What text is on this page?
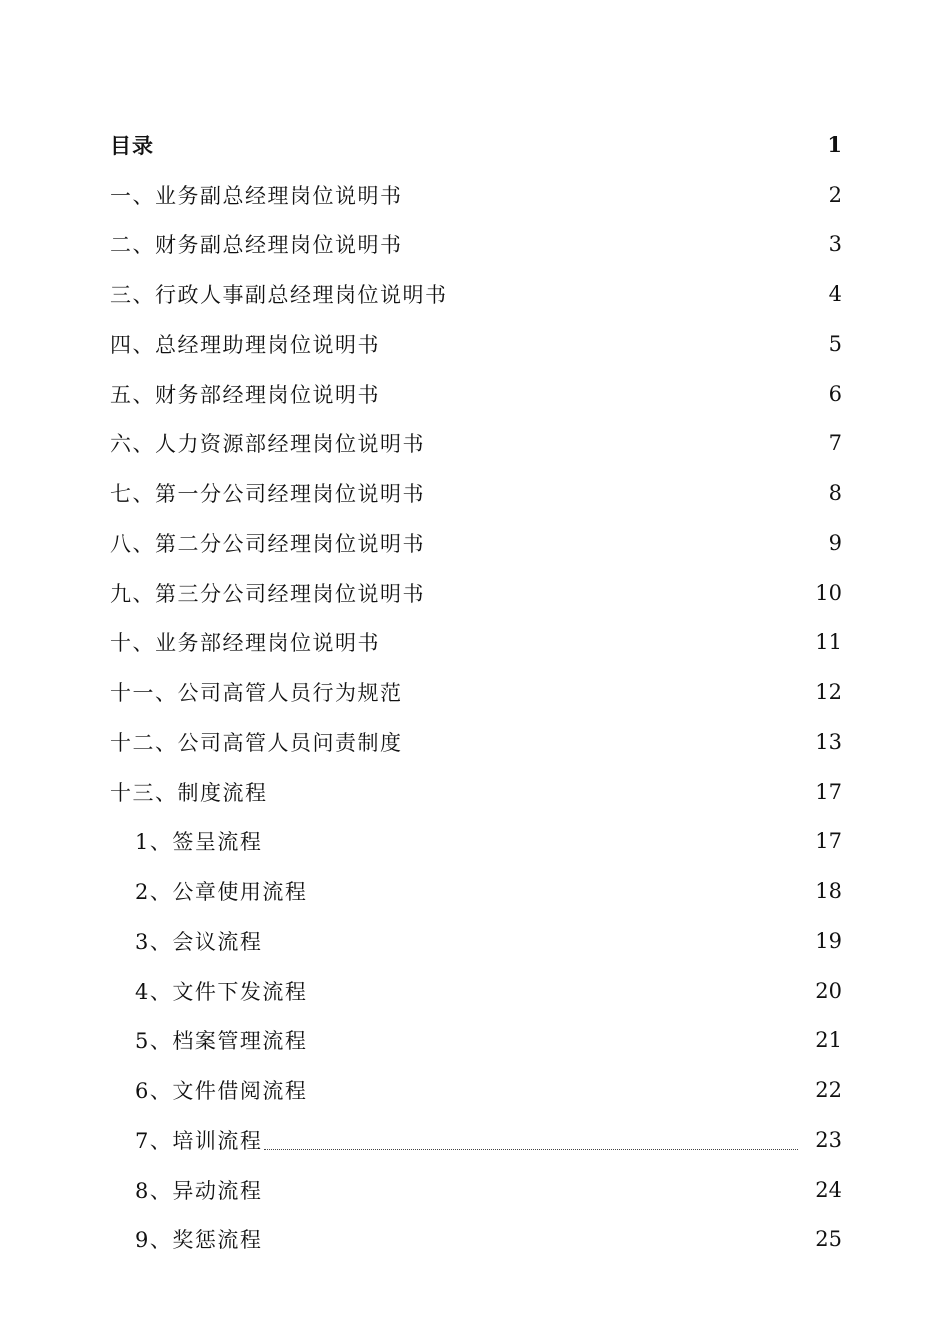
目录	1
一、业务副总经理岗位说明书	2
二、财务副总经理岗位说明书	3
三、行政人事副总经理岗位说明书	4
四、总经理助理岗位说明书	5
五、财务部经理岗位说明书	6
六、人力资源部经理岗位说明书	7
七、第一分公司经理岗位说明书	8
八、第二分公司经理岗位说明书	9
九、第三分公司经理岗位说明书	10
十、业务部经理岗位说明书	11
十一、公司高管人员行为规范	12
十二、公司高管人员问责制度	13
十三、制度流程	17
1、签呈流程	17
2、公章使用流程	18
3、会议流程	19
4、文件下发流程	20
5、档案管理流程	21
6、文件借阅流程	22
7、培训流程	23
8、异动流程	24
9、奖惩流程	25
